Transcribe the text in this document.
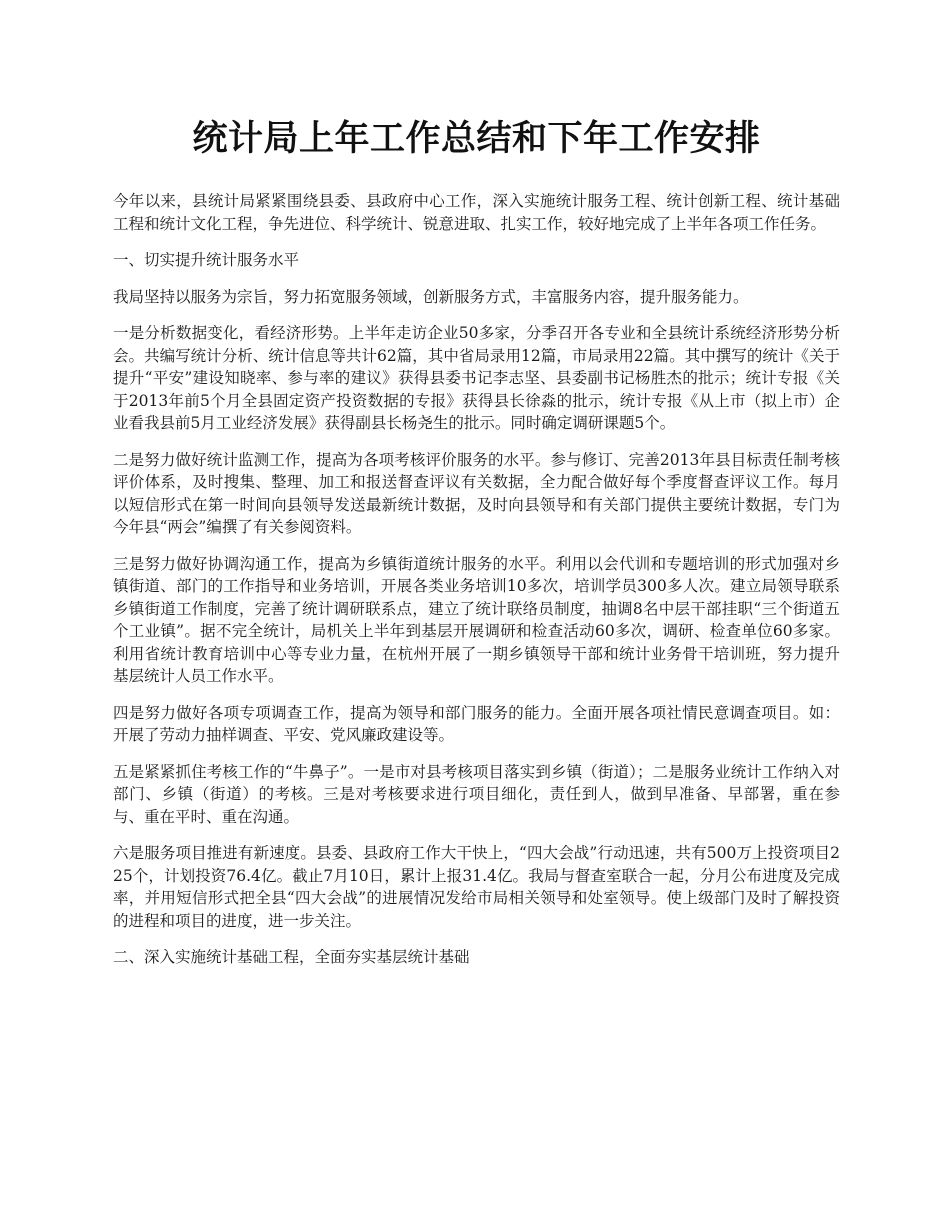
统计局上年工作总结和下年工作安排

今年以来，县统计局紧紧围绕县委、县政府中心工作，深入实施统计服务工程、统计创新工程、统计基础工程和统计文化工程，争先进位、科学统计、锐意进取、扎实工作，较好地完成了上半年各项工作任务。

一、切实提升统计服务水平

我局坚持以服务为宗旨，努力拓宽服务领域，创新服务方式，丰富服务内容，提升服务能力。

一是分析数据变化，看经济形势。上半年走访企业50多家，分季召开各专业和全县统计系统经济形势分析会。共编写统计分析、统计信息等共计62篇，其中省局录用12篇，市局录用22篇。其中撰写的统计《关于提升“平安”建设知晓率、参与率的建议》获得县委书记李志坚、县委副书记杨胜杰的批示；统计专报《关于2013年前5个月全县固定资产投资数据的专报》获得县长徐淼的批示，统计专报《从上市（拟上市）企业看我县前5月工业经济发展》获得副县长杨尧生的批示。同时确定调研课题5个。

二是努力做好统计监测工作，提高为各项考核评价服务的水平。参与修订、完善2013年县目标责任制考核评价体系，及时搜集、整理、加工和报送督查评议有关数据，全力配合做好每个季度督查评议工作。每月以短信形式在第一时间向县领导发送最新统计数据，及时向县领导和有关部门提供主要统计数据，专门为今年县“两会”编撰了有关参阅资料。

三是努力做好协调沟通工作，提高为乡镇街道统计服务的水平。利用以会代训和专题培训的形式加强对乡镇街道、部门的工作指导和业务培训，开展各类业务培训10多次，培训学员300多人次。建立局领导联系乡镇街道工作制度，完善了统计调研联系点，建立了统计联络员制度，抽调8名中层干部挂职“三个街道五个工业镇”。据不完全统计，局机关上半年到基层开展调研和检查活动60多次，调研、检查单位60多家。利用省统计教育培训中心等专业力量，在杭州开展了一期乡镇领导干部和统计业务骨干培训班，努力提升基层统计人员工作水平。

四是努力做好各项专项调查工作，提高为领导和部门服务的能力。全面开展各项社情民意调查项目。如：开展了劳动力抽样调查、平安、党风廉政建设等。

五是紧紧抓住考核工作的“牛鼻子”。一是市对县考核项目落实到乡镇（街道）；二是服务业统计工作纳入对部门、乡镇（街道）的考核。三是对考核要求进行项目细化，责任到人，做到早准备、早部署，重在参与、重在平时、重在沟通。

六是服务项目推进有新速度。县委、县政府工作大干快上，“四大会战”行动迅速，共有500万上投资项目225个，计划投资76.4亿。截止7月10日，累计上报31.4亿。我局与督查室联合一起，分月公布进度及完成率，并用短信形式把全县“四大会战”的进展情况发给市局相关领导和处室领导。使上级部门及时了解投资的进程和项目的进度，进一步关注。

二、深入实施统计基础工程，全面夯实基层统计基础
